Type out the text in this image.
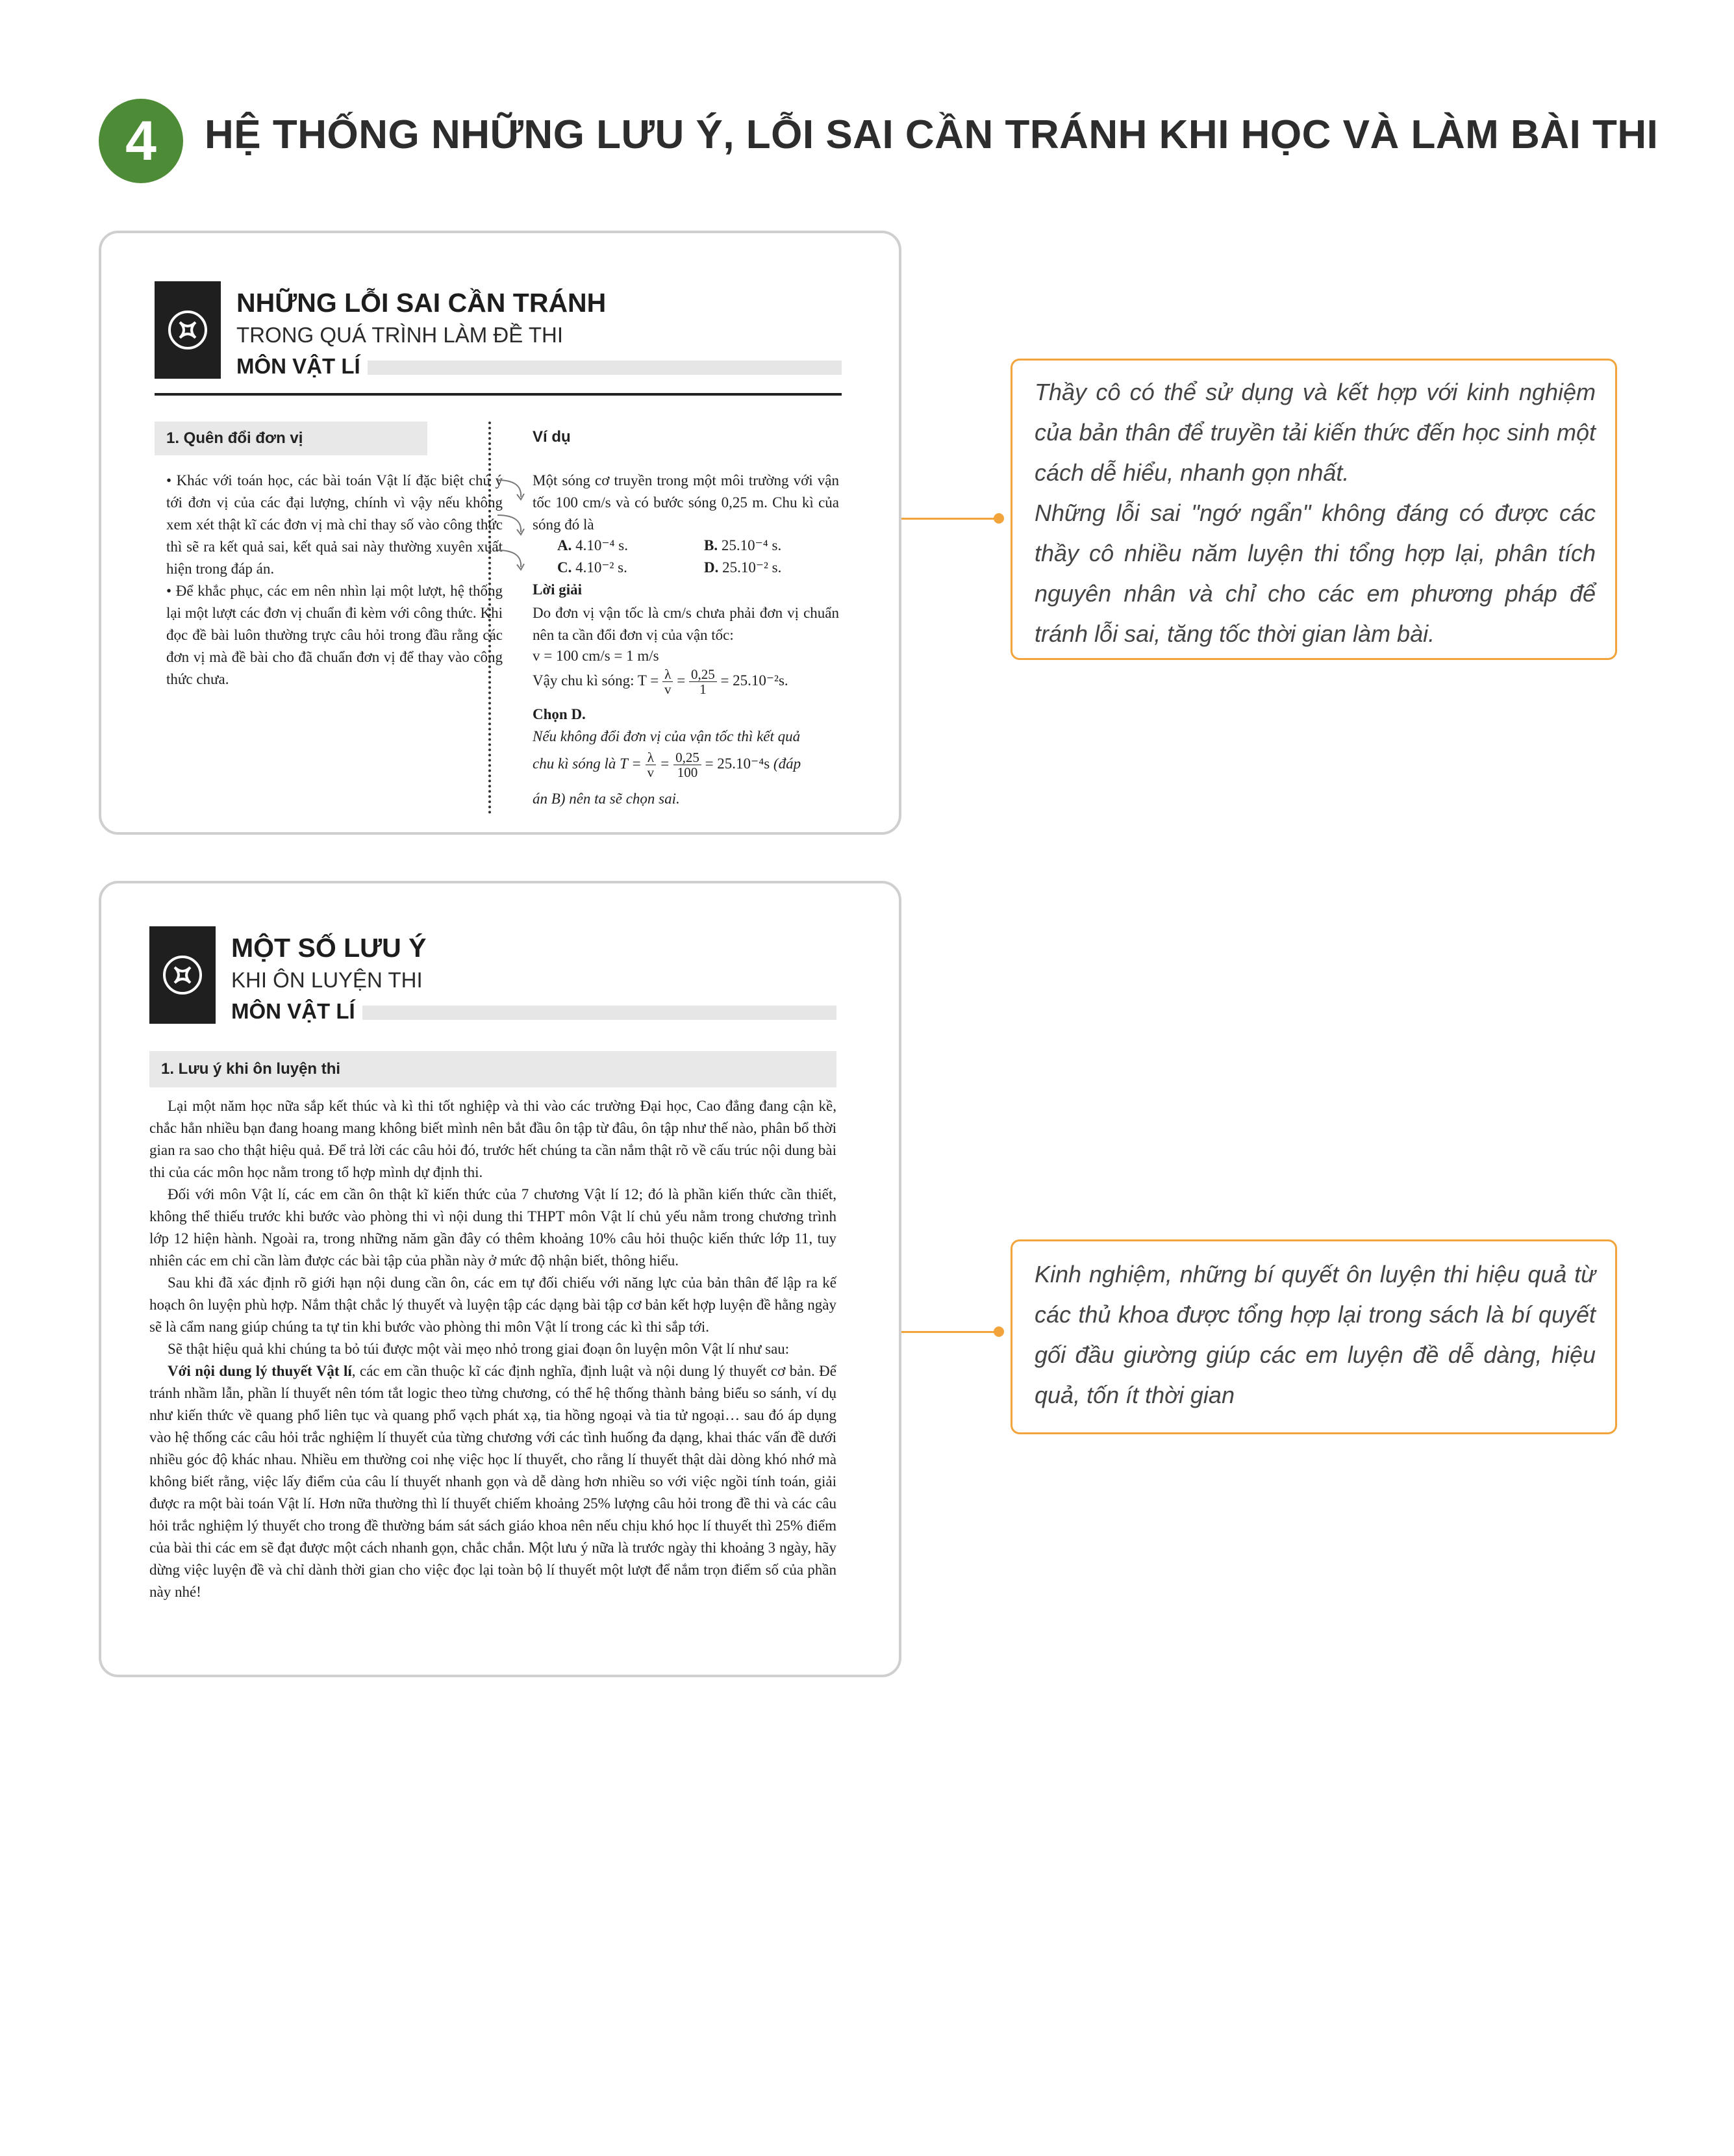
4	HỆ THỐNG NHỮNG LƯU Ý, LỖI SAI CẦN TRÁNH KHI HỌC VÀ LÀM BÀI THI
NHỮNG LỖI SAI CẦN TRÁNH
TRONG QUÁ TRÌNH LÀM ĐỀ THI
MÔN VẬT LÍ
1. Quên đổi đơn vị

• Khác với toán học, các bài toán Vật lí đặc biệt chú ý tới đơn vị của các đại lượng, chính vì vậy nếu không xem xét thật kĩ các đơn vị mà chỉ thay số vào công thức thì sẽ ra kết quả sai, kết quả sai này thường xuyên xuất hiện trong đáp án.

• Để khắc phục, các em nên nhìn lại một lượt, hệ thống lại một lượt các đơn vị chuẩn đi kèm với công thức. Khi đọc đề bài luôn thường trực câu hỏi trong đầu rằng các đơn vị mà đề bài cho đã chuẩn đơn vị để thay vào công thức chưa.

Ví dụ
Một sóng cơ truyền trong một môi trường với vận tốc 100 cm/s và có bước sóng 0,25 m. Chu kì của sóng đó là
A. 4.10⁻⁴ s.	B. 25.10⁻⁴ s.
C. 4.10⁻² s.	D. 25.10⁻² s.
Lời giải
Do đơn vị vận tốc là cm/s chưa phải đơn vị chuẩn nên ta cần đổi đơn vị của vận tốc:
v = 100 cm/s = 1 m/s
Vậy chu kì sóng: $T = \frac{\lambda}{v} = \frac{0,25}{1} = 25.10^{-2}s$.
Chọn D.
Nếu không đổi đơn vị của vận tốc thì kết quả
chu kì sóng là $T = \frac{\lambda}{v} = \frac{0,25}{100} = 25.10^{-4}s$ (đáp
án B) nên ta sẽ chọn sai.

Thầy cô có thể sử dụng và kết hợp với kinh nghiệm của bản thân để truyền tải kiến thức đến học sinh một cách dễ hiểu, nhanh gọn nhất.

Những lỗi sai "ngớ ngẩn" không đáng có được các thầy cô nhiều năm luyện thi tổng hợp lại, phân tích nguyên nhân và chỉ cho các em phương pháp để tránh lỗi sai, tăng tốc thời gian làm bài.

MỘT SỐ LƯU Ý
KHI ÔN LUYỆN THI
MÔN VẬT LÍ
1. Lưu ý khi ôn luyện thi

Lại một năm học nữa sắp kết thúc và kì thi tốt nghiệp và thi vào các trường Đại học, Cao đẳng đang cận kề, chắc hẳn nhiều bạn đang hoang mang không biết mình nên bắt đầu ôn tập từ đâu, ôn tập như thế nào, phân bổ thời gian ra sao cho thật hiệu quả. Để trả lời các câu hỏi đó, trước hết chúng ta cần nắm thật rõ về cấu trúc nội dung bài thi của các môn học nằm trong tổ hợp mình dự định thi.

Đối với môn Vật lí, các em cần ôn thật kĩ kiến thức của 7 chương Vật lí 12; đó là phần kiến thức cần thiết, không thể thiếu trước khi bước vào phòng thi vì nội dung thi THPT môn Vật lí chủ yếu nằm trong chương trình lớp 12 hiện hành. Ngoài ra, trong những năm gần đây có thêm khoảng 10% câu hỏi thuộc kiến thức lớp 11, tuy nhiên các em chỉ cần làm được các bài tập của phần này ở mức độ nhận biết, thông hiểu.

Sau khi đã xác định rõ giới hạn nội dung cần ôn, các em tự đối chiếu với năng lực của bản thân để lập ra kế hoạch ôn luyện phù hợp. Nắm thật chắc lý thuyết và luyện tập các dạng bài tập cơ bản kết hợp luyện đề hằng ngày sẽ là cẩm nang giúp chúng ta tự tin khi bước vào phòng thi môn Vật lí trong các kì thi sắp tới.

Sẽ thật hiệu quả khi chúng ta bỏ túi được một vài mẹo nhỏ trong giai đoạn ôn luyện môn Vật lí như sau:

Với nội dung lý thuyết Vật lí, các em cần thuộc kĩ các định nghĩa, định luật và nội dung lý thuyết cơ bản. Để tránh nhầm lẫn, phần lí thuyết nên tóm tắt logic theo từng chương, có thể hệ thống thành bảng biểu so sánh, ví dụ như kiến thức về quang phổ liên tục và quang phổ vạch phát xạ, tia hồng ngoại và tia tử ngoại… sau đó áp dụng vào hệ thống các câu hỏi trắc nghiệm lí thuyết của từng chương với các tình huống đa dạng, khai thác vấn đề dưới nhiều góc độ khác nhau. Nhiều em thường coi nhẹ việc học lí thuyết, cho rằng lí thuyết thật dài dòng khó nhớ mà không biết rằng, việc lấy điểm của câu lí thuyết nhanh gọn và dễ dàng hơn nhiều so với việc ngồi tính toán, giải được ra một bài toán Vật lí. Hơn nữa thường thì lí thuyết chiếm khoảng 25% lượng câu hỏi trong đề thi và các câu hỏi trắc nghiệm lý thuyết cho trong đề thường bám sát sách giáo khoa nên nếu chịu khó học lí thuyết thì 25% điểm của bài thi các em sẽ đạt được một cách nhanh gọn, chắc chắn. Một lưu ý nữa là trước ngày thi khoảng 3 ngày, hãy dừng việc luyện đề và chỉ dành thời gian cho việc đọc lại toàn bộ lí thuyết một lượt để nắm trọn điểm số của phần này nhé!

Kinh nghiệm, những bí quyết ôn luyện thi hiệu quả từ các thủ khoa được tổng hợp lại trong sách là bí quyết gối đầu giường giúp các em luyện đề dễ dàng, hiệu quả, tốn ít thời gian
